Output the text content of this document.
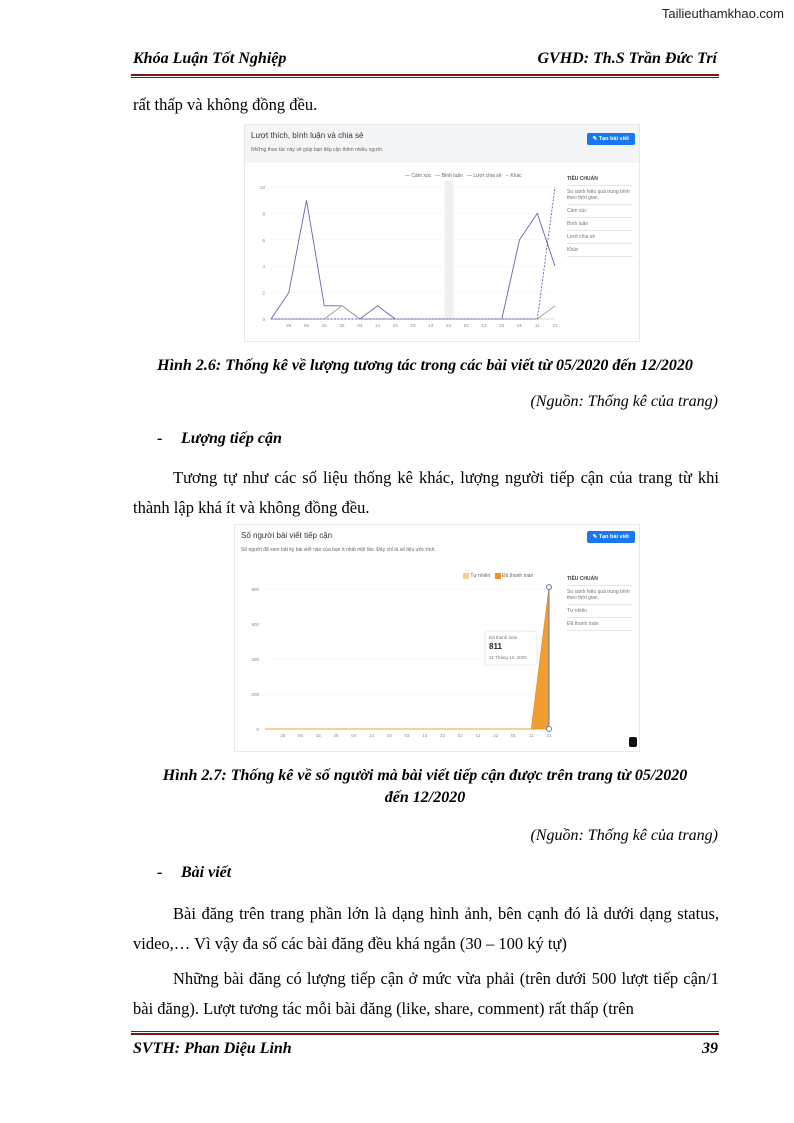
Tailieuthamkhao.com
Khóa Luận Tốt Nghiệp	GVHD: Th.S Trần Đức Trí
rất thấp và không đồng đều.
Lượt thích, bình luận và chia sẻ
Những thao tác này sẽ giúp bạn tiếp cận thêm nhiều người.
✎ Tạo bài viết
— Cảm xúc — Bình luận — Lượt chia sẻ -- Khác
0
2
4
6
8
10
26	05	15	25	04	14	24	03	13	23	02	12	22	01	11	21
TIÊU CHUẨN
So sánh hiệu quả trung bình theo thời gian.
Cảm xúc
Bình luận
Lượt chia sẻ
Khác
Hình 2.6: Thống kê về lượng tương tác trong các bài viết từ 05/2020 đến 12/2020
(Nguồn: Thống kê của trang)
- Lượng tiếp cận
Tương tự như các số liệu thống kê khác, lượng người tiếp cận của trang từ khi thành lập khá ít và không đồng đều.
Số người bài viết tiếp cận
Số người đã xem bất kỳ bài viết nào của bạn ít nhất một lần. Đây chỉ là số liệu ước tính.
✎ Tạo bài viết
Tự nhiên Đã thanh toán
0
200
400
600
800
26	05	15	25	04	14	24	03	13	23	02	12	22	01	11	21
Đã thanh toán
811
21 Tháng 12, 2020
TIÊU CHUẨN
So sánh hiệu quả trung bình theo thời gian.
Tự nhiên
Đã thanh toán
Hình 2.7: Thống kê về số người mà bài viết tiếp cận được trên trang từ 05/2020
đến 12/2020
(Nguồn: Thống kê của trang)
- Bài viết
Bài đăng trên trang phần lớn là dạng hình ảnh, bên cạnh đó là dưới dạng status, video,… Vì vậy đa số các bài đăng đều khá ngắn (30 – 100 ký tự)
Những bài đăng có lượng tiếp cận ở mức vừa phải (trên dưới 500 lượt tiếp cận/1 bài đăng). Lượt tương tác mỗi bài đăng (like, share, comment) rất thấp (trên
SVTH: Phan Diệu Linh	39
